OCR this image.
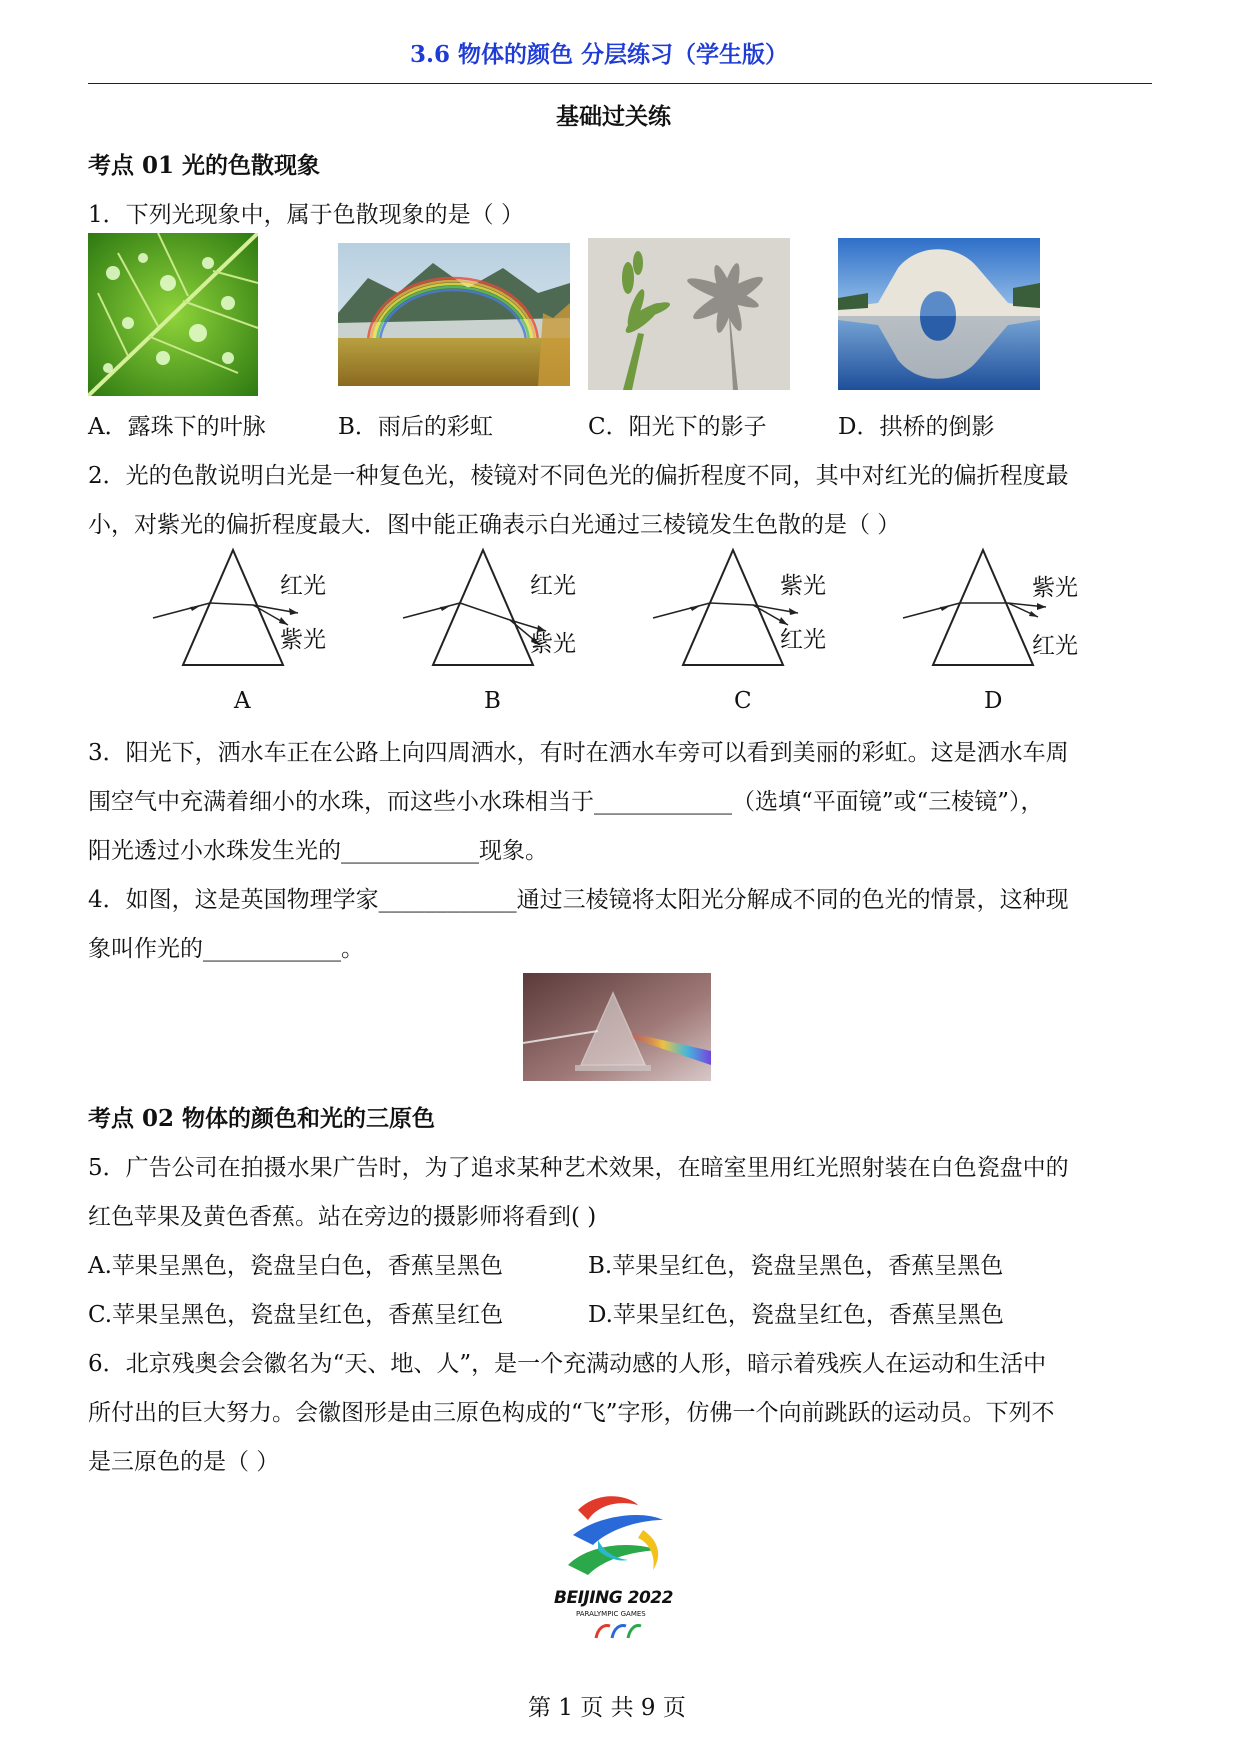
3.6 物体的颜色 分层练习（学生版）
基础过关练
考点 01 光的色散现象
1．下列光现象中，属于色散现象的是（ ）
A．露珠下的叶脉	B．雨后的彩虹	C．阳光下的影子	D．拱桥的倒影
2．光的色散说明白光是一种复色光，棱镜对不同色光的偏折程度不同，其中对红光的偏折程度最
小，对紫光的偏折程度最大．图中能正确表示白光通过三棱镜发生色散的是（ ）
红光
紫光
A
红光
紫光
B
紫光
红光
C
紫光
红光
D
3．阳光下，洒水车正在公路上向四周洒水，有时在洒水车旁可以看到美丽的彩虹。这是洒水车周
围空气中充满着细小的水珠，而这些小水珠相当于____________（选填“平面镜”或“三棱镜”），
阳光透过小水珠发生光的____________现象。
4．如图，这是英国物理学家____________通过三棱镜将太阳光分解成不同的色光的情景，这种现
象叫作光的____________。
考点 02 物体的颜色和光的三原色
5．广告公司在拍摄水果广告时，为了追求某种艺术效果，在暗室里用红光照射装在白色瓷盘中的
红色苹果及黄色香蕉。站在旁边的摄影师将看到( )
A.苹果呈黑色，瓷盘呈白色，香蕉呈黑色	B.苹果呈红色，瓷盘呈黑色，香蕉呈黑色
C.苹果呈黑色，瓷盘呈红色，香蕉呈红色	D.苹果呈红色，瓷盘呈红色，香蕉呈黑色
6．北京残奥会会徽名为“天、地、人”，是一个充满动感的人形，暗示着残疾人在运动和生活中
所付出的巨大努力。会徽图形是由三原色构成的“飞”字形，仿佛一个向前跳跃的运动员。下列不
是三原色的是（ ）
BEIJING 2022
PARALYMPIC GAMES
第 1 页 共 9 页
